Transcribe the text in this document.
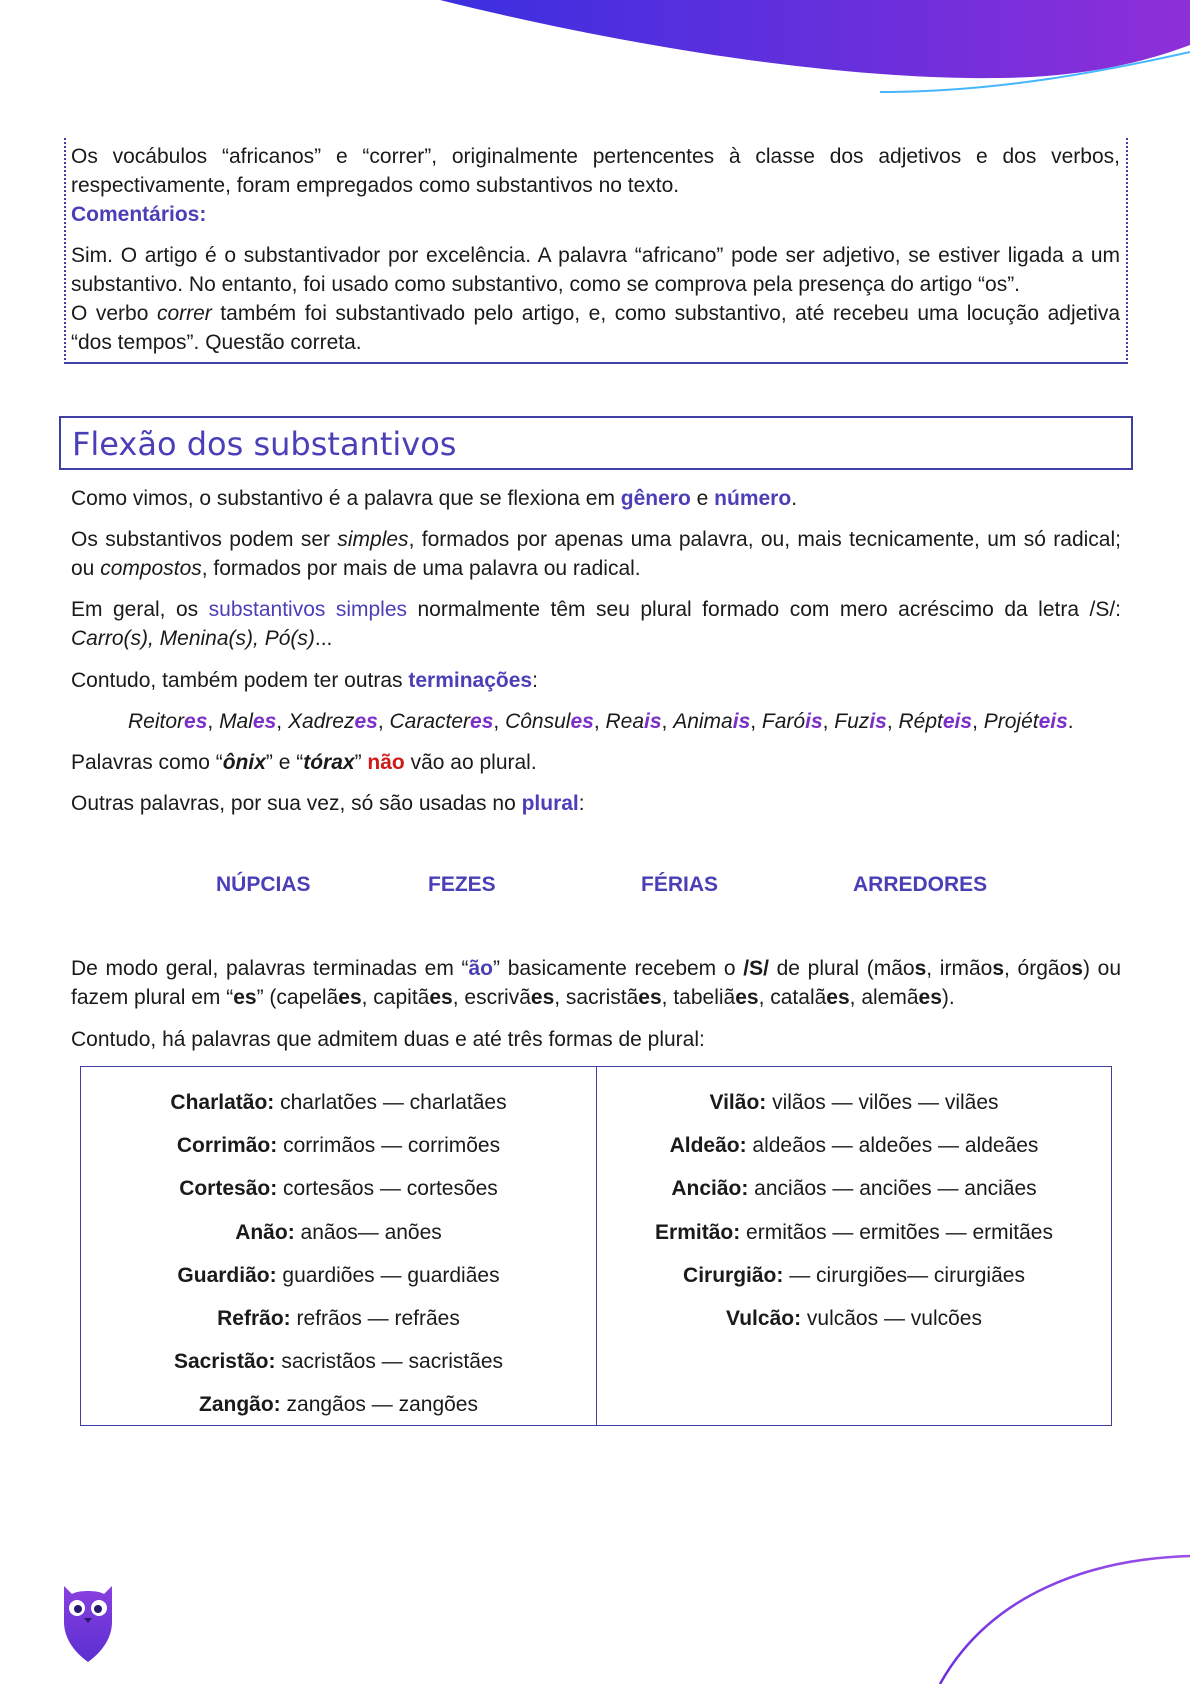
Os vocábulos “africanos” e “correr”, originalmente pertencentes à classe dos adjetivos e dos verbos, respectivamente, foram empregados como substantivos no texto.

Comentários:

Sim. O artigo é o substantivador por excelência. A palavra “africano” pode ser adjetivo, se estiver ligada a um substantivo. No entanto, foi usado como substantivo, como se comprova pela presença do artigo “os”.

O verbo correr também foi substantivado pelo artigo, e, como substantivo, até recebeu uma locução adjetiva “dos tempos”. Questão correta.

Flexão dos substantivos

Como vimos, o substantivo é a palavra que se flexiona em gênero e número.

Os substantivos podem ser simples, formados por apenas uma palavra, ou, mais tecnicamente, um só radical; ou compostos, formados por mais de uma palavra ou radical.

Em geral, os substantivos simples normalmente têm seu plural formado com mero acréscimo da letra /S/: Carro(s), Menina(s), Pó(s)...

Contudo, também podem ter outras terminações:

Reitores, Males, Xadrezes, Caracteres, Cônsules, Reais, Animais, Faróis, Fuzis, Répteis, Projéteis.

Palavras como “ônix” e “tórax” não vão ao plural.

Outras palavras, por sua vez, só são usadas no plural:

NÚPCIAS	FEZES	FÉRIAS	ARREDORES

De modo geral, palavras terminadas em “ão” basicamente recebem o /S/ de plural (mãos, irmãos, órgãos) ou fazem plural em “es” (capelães, capitães, escrivães, sacristães, tabeliães, catalães, alemães).

Contudo, há palavras que admitem duas e até três formas de plural:

Charlatão: charlatões — charlatães
Corrimão: corrimãos — corrimões
Cortesão: cortesãos — cortesões
Anão: anãos— anões
Guardião: guardiões — guardiães
Refrão: refrãos — refrães
Sacristão: sacristãos — sacristães
Zangão: zangãos — zangões
Vilão: vilãos — vilões — vilães
Aldeão: aldeãos — aldeões — aldeães
Ancião: anciãos — anciões — anciães
Ermitão: ermitãos — ermitões — ermitães
Cirurgião: — cirurgiões— cirurgiães
Vulcão: vulcãos — vulcões
